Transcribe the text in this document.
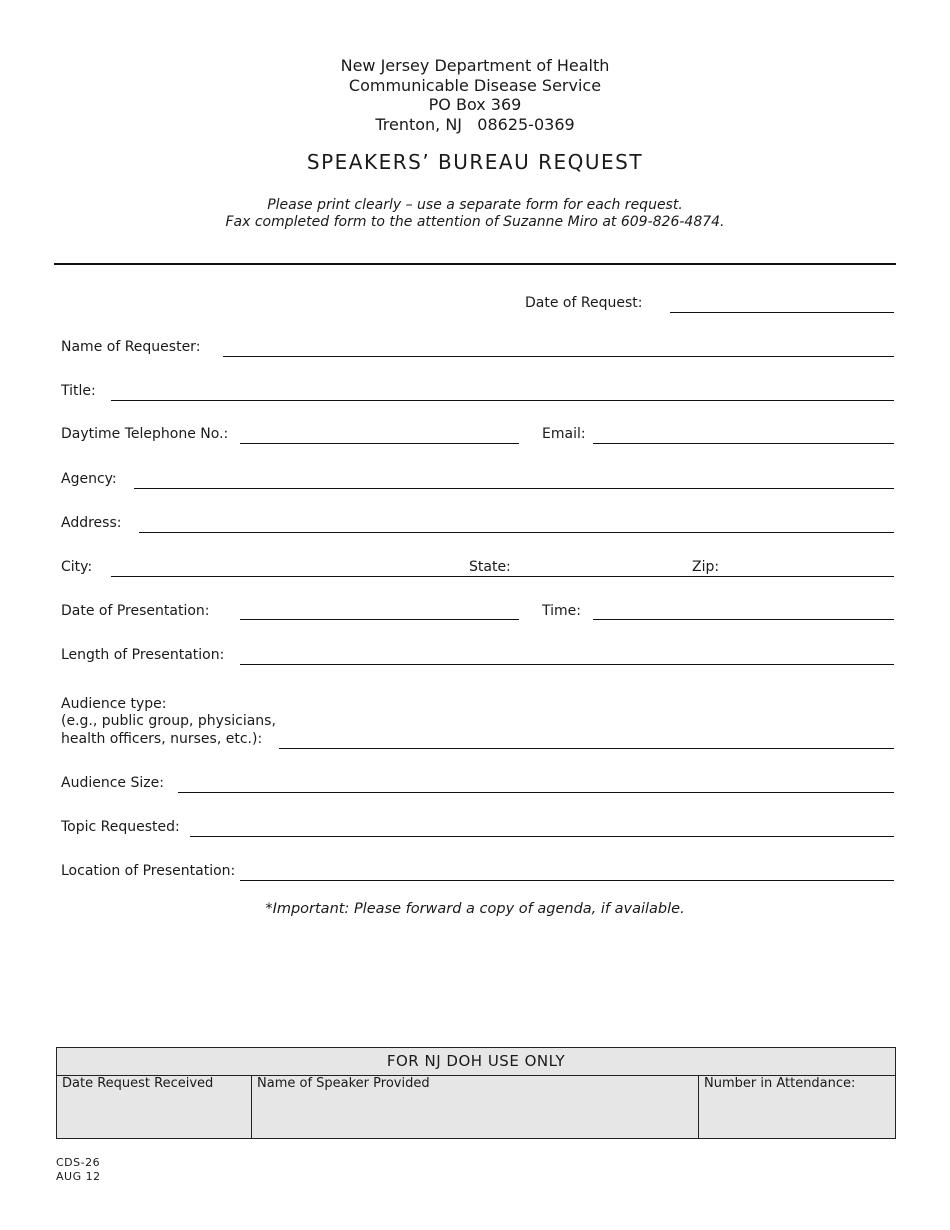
New Jersey Department of Health
Communicable Disease Service
PO Box 369
Trenton, NJ   08625-0369
SPEAKERS’ BUREAU REQUEST
Please print clearly – use a separate form for each request.
Fax completed form to the attention of Suzanne Miro at 609-826-4874.
Date of Request:
Name of Requester:
Title:
Daytime Telephone No.:	Email:
Agency:
Address:
City:	State:	Zip:
Date of Presentation:	Time:
Length of Presentation:
Audience type:
(e.g., public group, physicians,
health officers, nurses, etc.):
Audience Size:
Topic Requested:
Location of Presentation:
*Important: Please forward a copy of agenda, if available.
FOR NJ DOH USE ONLY
Date Request Received	Name of Speaker Provided	Number in Attendance:
CDS-26
AUG 12
